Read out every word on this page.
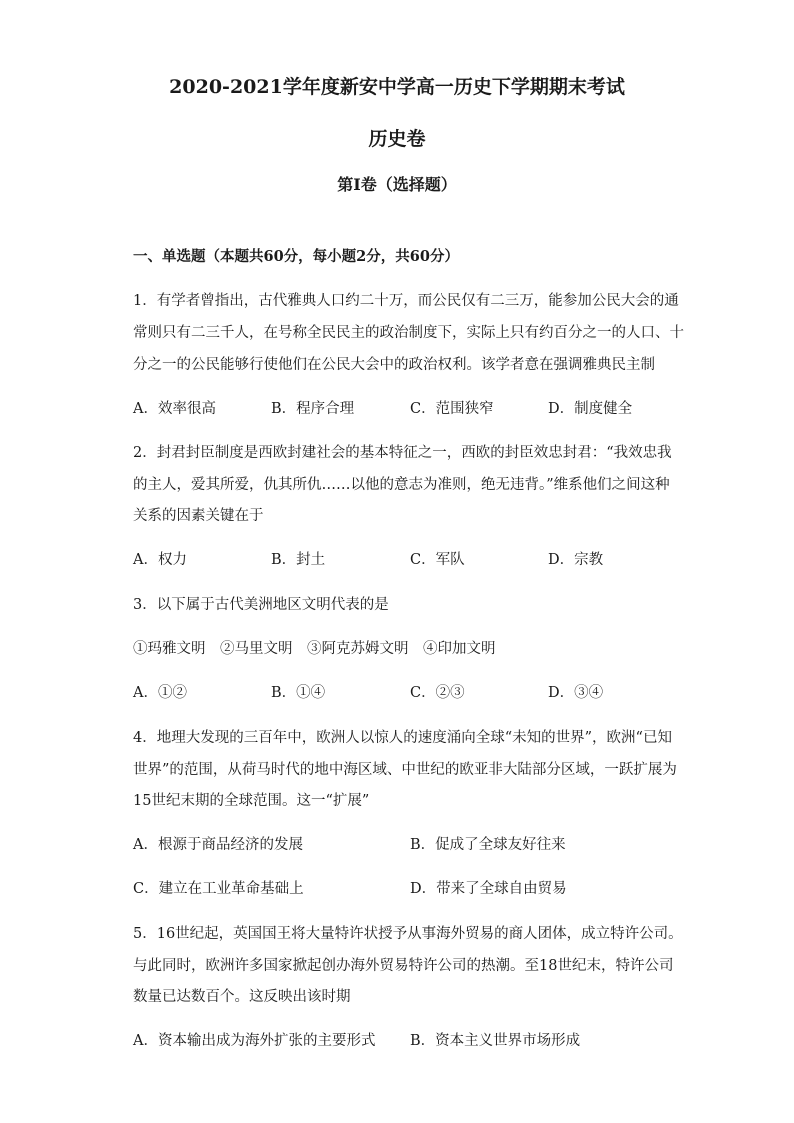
2020-2021学年度新安中学高一历史下学期期末考试
历史卷
第I卷（选择题）

一、单选题（本题共60分，每小题2分，共60分）

1．有学者曾指出，古代雅典人口约二十万，而公民仅有二三万，能参加公民大会的通

常则只有二三千人，在号称全民民主的政治制度下，实际上只有约百分之一的人口、十

分之一的公民能够行使他们在公民大会中的政治权利。该学者意在强调雅典民主制

A．效率很高	B．程序合理	C．范围狭窄	D．制度健全

2．封君封臣制度是西欧封建社会的基本特征之一，西欧的封臣效忠封君：“我效忠我

的主人，爱其所爱，仇其所仇……以他的意志为准则，绝无违背。”维系他们之间这种

关系的因素关键在于

A．权力	B．封土	C．军队	D．宗教

3．以下属于古代美洲地区文明代表的是

①玛雅文明　②马里文明　③阿克苏姆文明　④印加文明

A．①②	B．①④	C．②③	D．③④

4．地理大发现的三百年中，欧洲人以惊人的速度涌向全球“未知的世界”，欧洲“已知

世界”的范围，从荷马时代的地中海区域、中世纪的欧亚非大陆部分区域，一跃扩展为

15世纪末期的全球范围。这一“扩展”

A．根源于商品经济的发展	B．促成了全球友好往来
C．建立在工业革命基础上	D．带来了全球自由贸易

5．16世纪起，英国国王将大量特许状授予从事海外贸易的商人团体，成立特许公司。

与此同时，欧洲许多国家掀起创办海外贸易特许公司的热潮。至18世纪末，特许公司

数量已达数百个。这反映出该时期

A．资本输出成为海外扩张的主要形式 B．资本主义世界市场形成
